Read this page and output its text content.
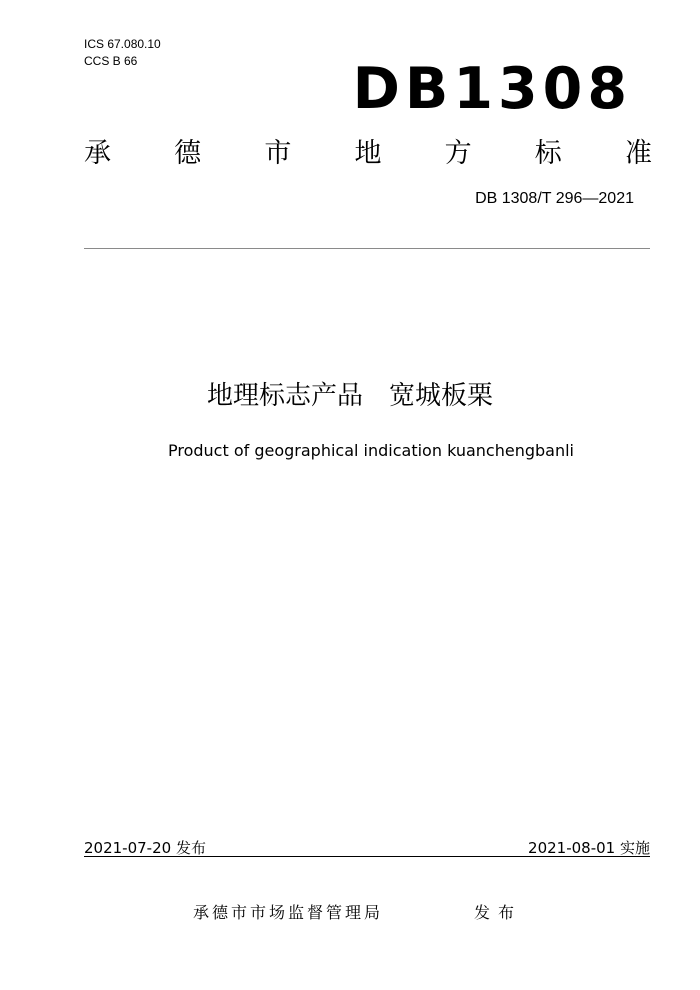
ICS 67.080.10
CCS B 66	DB1308
承 德 市 地 方 标 准
DB 1308/T 296—2021
地理标志产品　宽城板栗
Product of geographical indication kuanchengbanli
2021-07-20 发布	2021-08-01 实施
承德市市场监督管理局	发布
